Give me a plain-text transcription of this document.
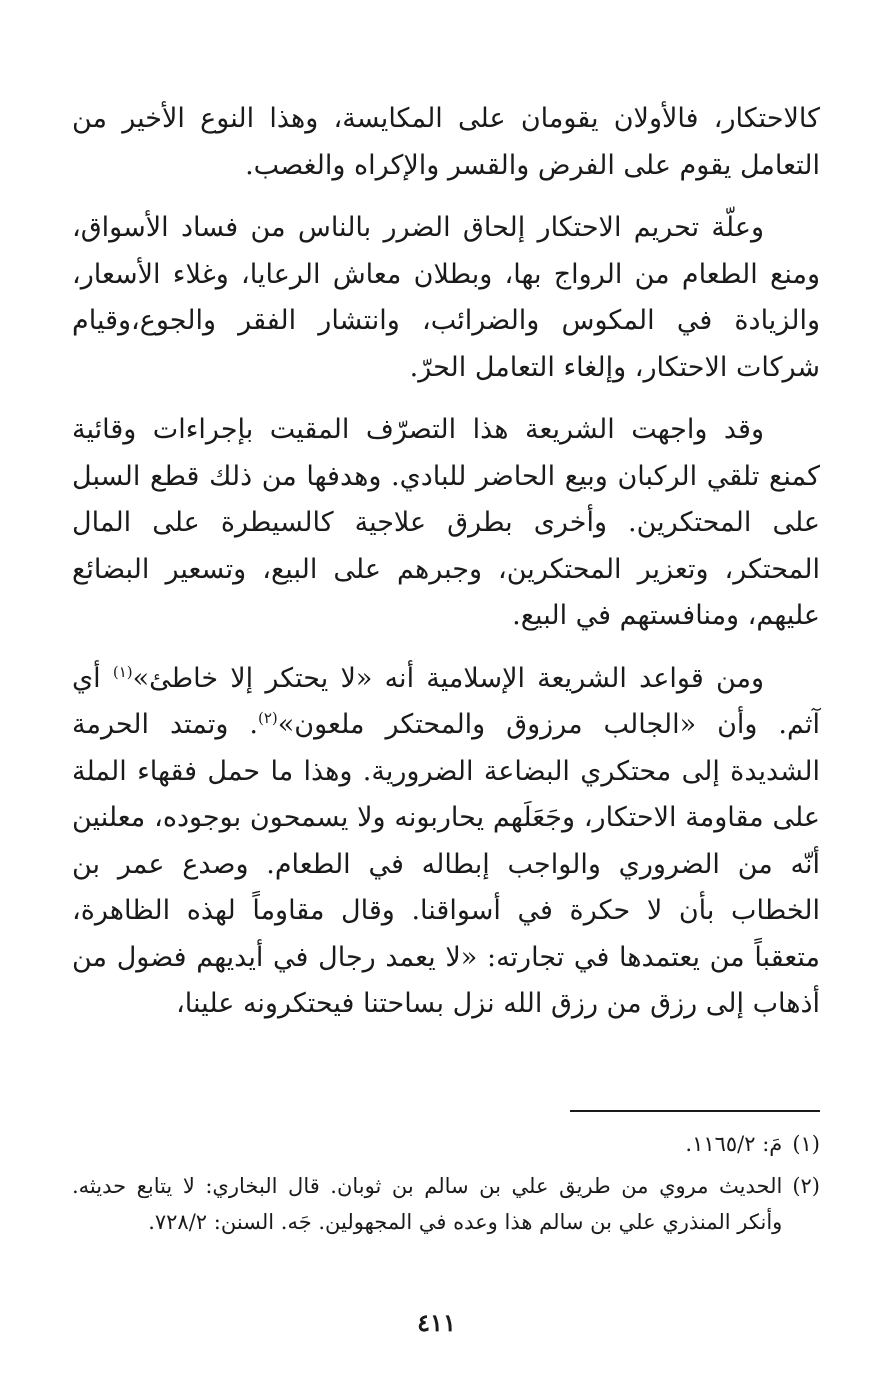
كالاحتكار، فالأولان يقومان على المكايسة، وهذا النوع الأخير من التعامل يقوم على الفرض والقسر والإكراه والغصب.

وعلّة تحريم الاحتكار إلحاق الضرر بالناس من فساد الأسواق، ومنع الطعام من الرواج بها، وبطلان معاش الرعايا، وغلاء الأسعار، والزيادة في المكوس والضرائب، وانتشار الفقر والجوع،وقيام شركات الاحتكار، وإلغاء التعامل الحرّ.

وقد واجهت الشريعة هذا التصرّف المقيت بإجراءات وقائية كمنع تلقي الركبان وبيع الحاضر للبادي. وهدفها من ذلك قطع السبل على المحتكرين. وأخرى بطرق علاجية كالسيطرة على المال المحتكر، وتعزير المحتكرين، وجبرهم على البيع، وتسعير البضائع عليهم، ومنافستهم في البيع.

ومن قواعد الشريعة الإسلامية أنه «لا يحتكر إلا خاطئ»$^{(١)}$ أي آثم. وأن «الجالب مرزوق والمحتكر ملعون»$^{(٢)}$. وتمتد الحرمة الشديدة إلى محتكري البضاعة الضرورية. وهذا ما حمل فقهاء الملة على مقاومة الاحتكار، وجَعَلَهم يحاربونه ولا يسمحون بوجوده، معلنين أنّه من الضروري والواجب إبطاله في الطعام. وصدع عمر بن الخطاب بأن لا حكرة في أسواقنا. وقال مقاوماً لهذه الظاهرة، متعقباً من يعتمدها في تجارته: «لا يعمد رجال في أيديهم فضول من أذهاب إلى رزق من رزق الله نزل بساحتنا فيحتكرونه علينا،

(١)
مَ: ١١٦٥/٢.
(٢)
الحديث مروي من طريق علي بن سالم بن ثوبان. قال البخاري: لا يتابع حديثه. وأنكر المنذري علي بن سالم هذا وعده في المجهولين. جَه. السنن: ٧٢٨/٢.
٤١١
